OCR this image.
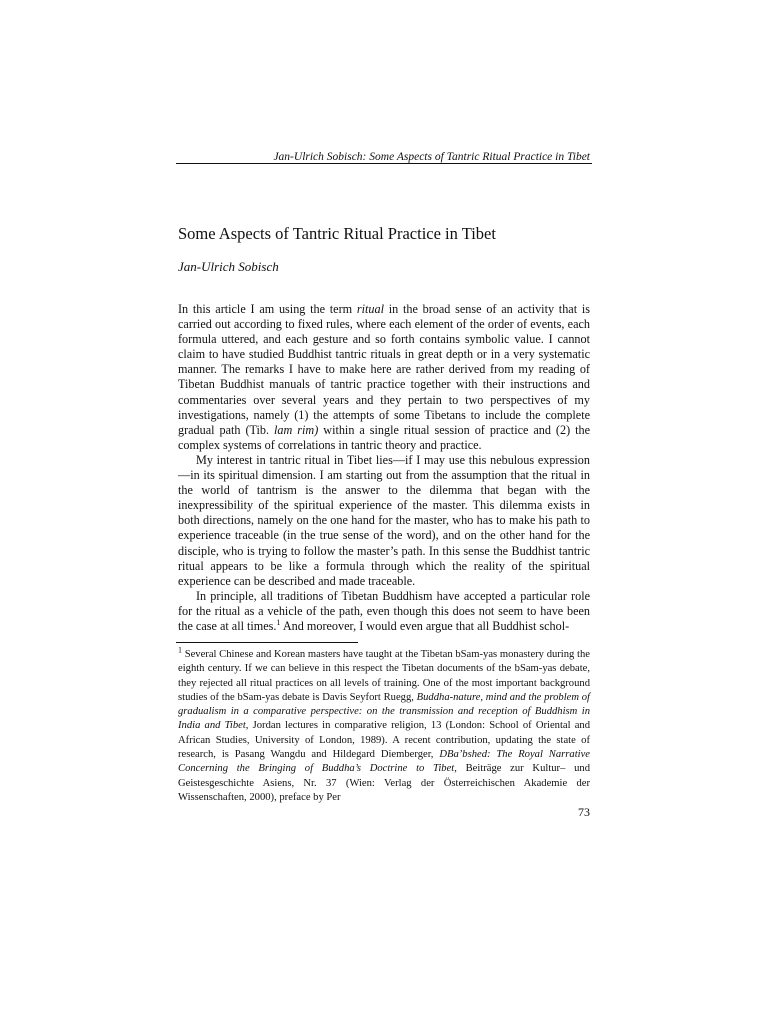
Jan-Ulrich Sobisch: Some Aspects of Tantric Ritual Practice in Tibet
Some Aspects of Tantric Ritual Practice in Tibet
Jan-Ulrich Sobisch

In this article I am using the term ritual in the broad sense of an activity that is carried out according to fixed rules, where each element of the order of events, each formula uttered, and each gesture and so forth contains symbolic value. I cannot claim to have studied Buddhist tantric rituals in great depth or in a very systematic manner. The remarks I have to make here are rather derived from my reading of Tibetan Buddhist manuals of tantric practice together with their instructions and commentaries over several years and they pertain to two perspectives of my investigations, namely (1) the attempts of some Tibetans to include the complete gradual path (Tib. lam rim) within a single ritual session of practice and (2) the complex systems of correlations in tantric theory and practice.

My interest in tantric ritual in Tibet lies—if I may use this nebulous expression—in its spiritual dimension. I am starting out from the assumption that the ritual in the world of tantrism is the answer to the dilemma that began with the inexpressibility of the spiritual experience of the master. This dilemma exists in both directions, namely on the one hand for the master, who has to make his path to experience traceable (in the true sense of the word), and on the other hand for the disciple, who is trying to follow the master’s path. In this sense the Buddhist tantric ritual appears to be like a formula through which the reality of the spiritual experience can be described and made traceable.

In principle, all traditions of Tibetan Buddhism have accepted a particular role for the ritual as a vehicle of the path, even though this does not seem to have been the case at all times.$^1$ And moreover, I would even argue that all Buddhist schol-

$^1$ Several Chinese and Korean masters have taught at the Tibetan bSam-yas monastery during the eighth century. If we can believe in this respect the Tibetan documents of the bSam-yas debate, they rejected all ritual practices on all levels of training. One of the most important background studies of the bSam-yas debate is Davis Seyfort Ruegg, Buddha-nature, mind and the problem of gradualism in a comparative perspective: on the transmission and reception of Buddhism in India and Tibet, Jordan lectures in comparative religion, 13 (London: School of Oriental and African Studies, University of London, 1989). A recent contribution, updating the state of research, is Pasang Wangdu and Hildegard Diemberger, DBa’bshed: The Royal Narrative Concerning the Bringing of Buddha’s Doctrine to Tibet, Beiträge zur Kultur– und Geistesgeschichte Asiens, Nr. 37 (Wien: Verlag der Österreichischen Akademie der Wissenschaften, 2000), preface by Per

73
